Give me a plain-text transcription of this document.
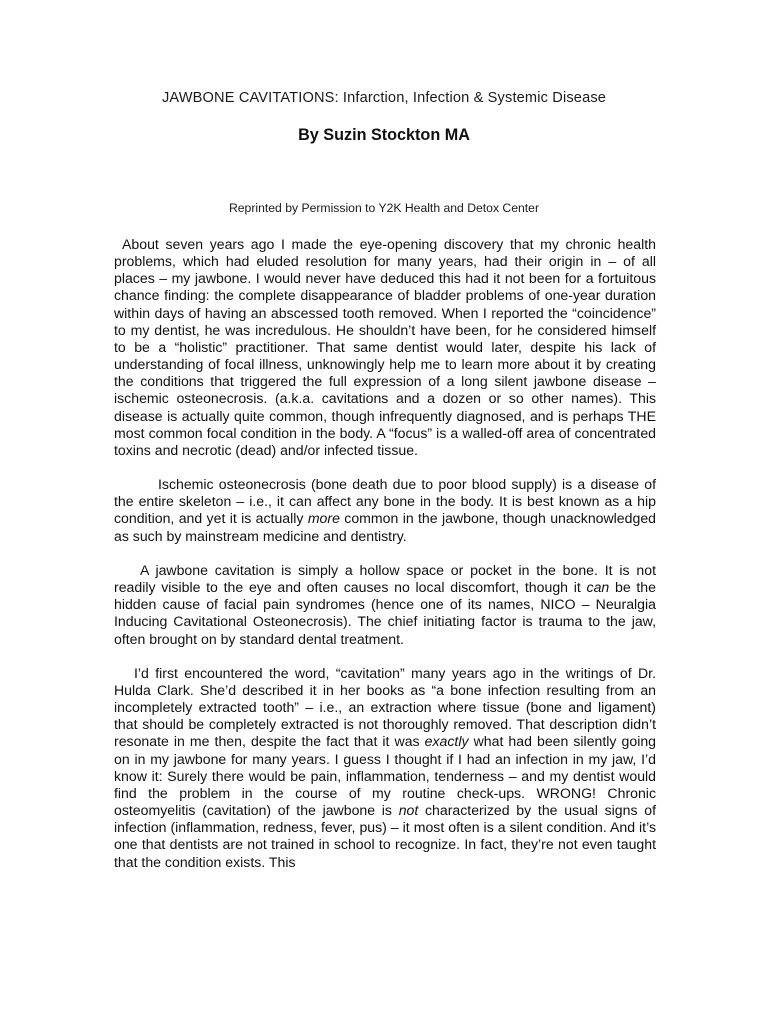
JAWBONE CAVITATIONS: Infarction, Infection & Systemic Disease
By Suzin Stockton MA
Reprinted by Permission to Y2K Health and Detox Center

About seven years ago I made the eye-opening discovery that my chronic health problems, which had eluded resolution for many years, had their origin in – of all places – my jawbone. I would never have deduced this had it not been for a fortuitous chance finding: the complete disappearance of bladder problems of one-year duration within days of having an abscessed tooth removed. When I reported the “coincidence” to my dentist, he was incredulous. He shouldn’t have been, for he considered himself to be a “holistic” practitioner. That same dentist would later, despite his lack of understanding of focal illness, unknowingly help me to learn more about it by creating the conditions that triggered the full expression of a long silent jawbone disease – ischemic osteonecrosis. (a.k.a. cavitations and a dozen or so other names). This disease is actually quite common, though infrequently diagnosed, and is perhaps THE most common focal condition in the body. A “focus” is a walled-off area of concentrated toxins and necrotic (dead) and/or infected tissue.

Ischemic osteonecrosis (bone death due to poor blood supply) is a disease of the entire skeleton – i.e., it can affect any bone in the body. It is best known as a hip condition, and yet it is actually more common in the jawbone, though unacknowledged as such by mainstream medicine and dentistry.

A jawbone cavitation is simply a hollow space or pocket in the bone. It is not readily visible to the eye and often causes no local discomfort, though it can be the hidden cause of facial pain syndromes (hence one of its names, NICO – Neuralgia Inducing Cavitational Osteonecrosis). The chief initiating factor is trauma to the jaw, often brought on by standard dental treatment.

I’d first encountered the word, “cavitation” many years ago in the writings of Dr. Hulda Clark. She’d described it in her books as “a bone infection resulting from an incompletely extracted tooth” – i.e., an extraction where tissue (bone and ligament) that should be completely extracted is not thoroughly removed. That description didn’t resonate in me then, despite the fact that it was exactly what had been silently going on in my jawbone for many years. I guess I thought if I had an infection in my jaw, I’d know it: Surely there would be pain, inflammation, tenderness – and my dentist would find the problem in the course of my routine check-ups. WRONG! Chronic osteomyelitis (cavitation) of the jawbone is not characterized by the usual signs of infection (inflammation, redness, fever, pus) – it most often is a silent condition. And it’s one that dentists are not trained in school to recognize. In fact, they’re not even taught that the condition exists. This
